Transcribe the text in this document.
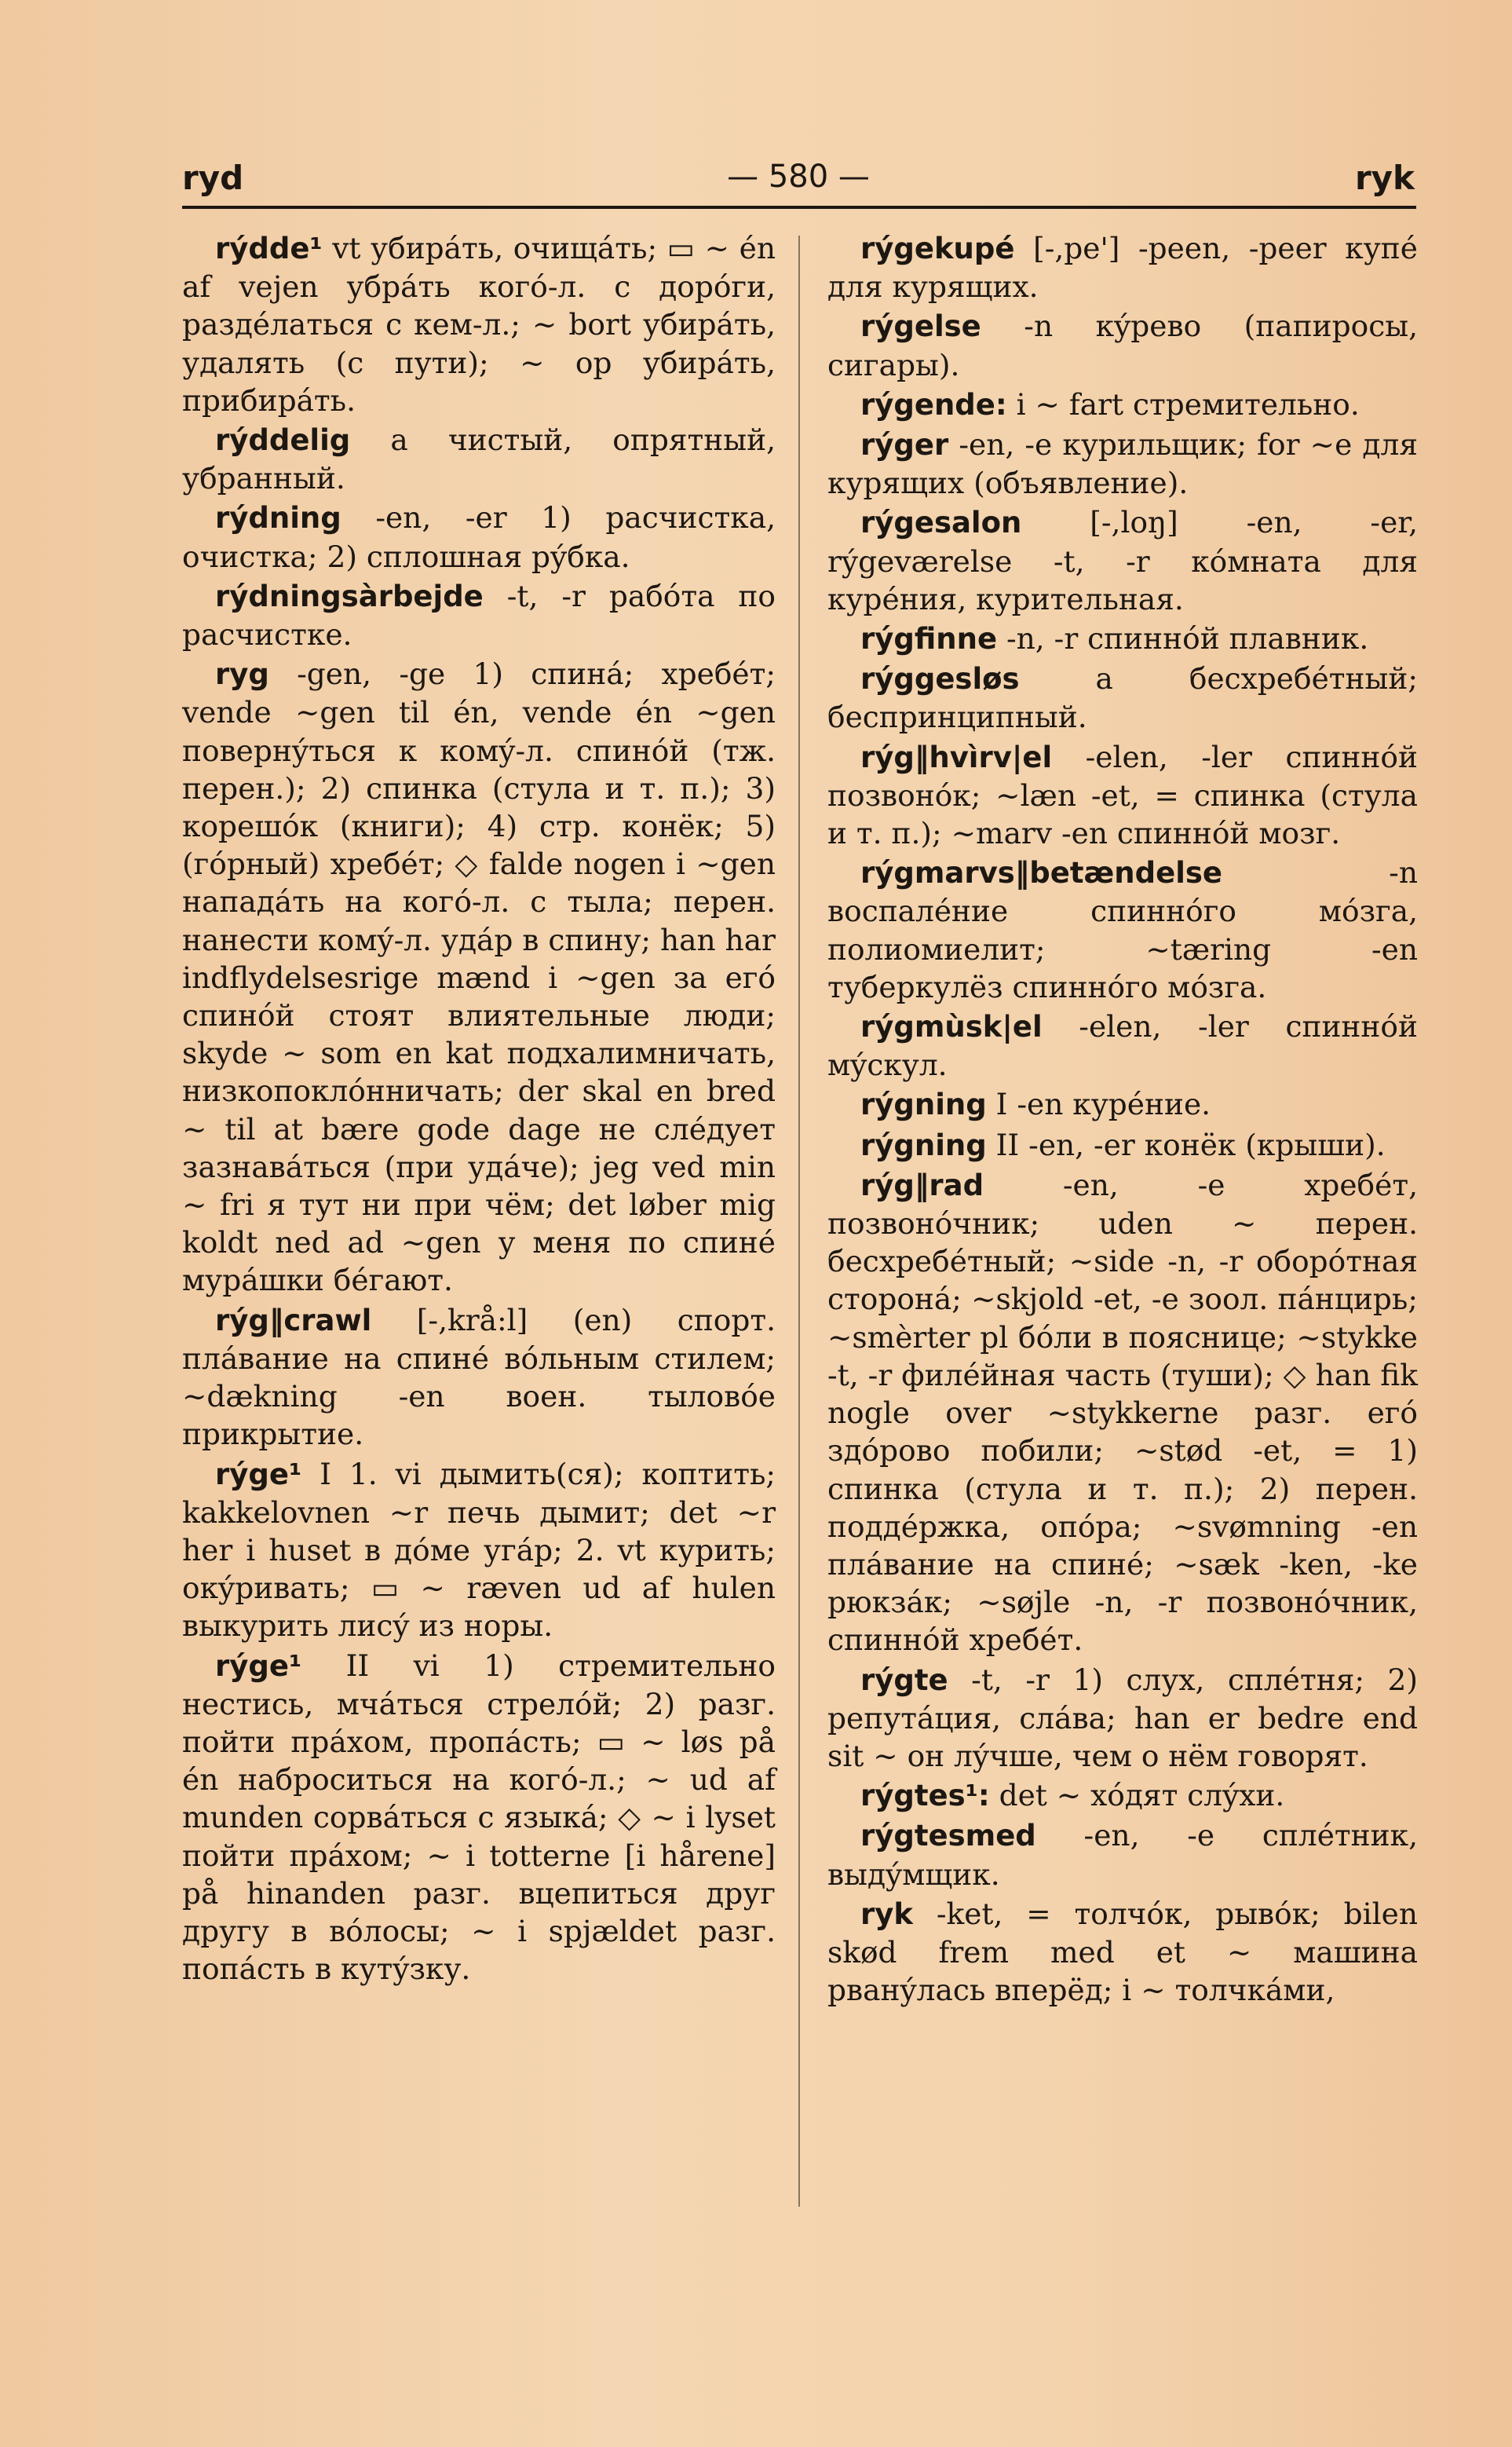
ryd	— 580 —	ryk

rýdde¹ vt убирáть, очищáть; ▭ ~ én af vejen убрáть когó-л. с дорóги, раздéлаться с кем-л.; ~ bort убирáть, удалять (с пути); ~ op убирáть, прибирáть.

rýddelig а чистый, опрятный, убранный.

rýdning -en, -er 1) расчистка, очистка; 2) сплошная рýбка.

rýdningsàrbejde -t, -r рабóта по расчистке.

ryg -gen, -ge 1) спинá; хребéт; vende ~gen til én, vende én ~gen повернýться к комý-л. спинóй (тж. перен.); 2) спинка (стула и т. п.); 3) корешóк (книги); 4) стр. конёк; 5) (гóрный) хребéт; ◇ falde nogen i ~gen нападáть на когó-л. с тыла; перен. нанести комý-л. удáр в спину; han har indflydelsesrige mænd i ~gen за егó спинóй стоят влиятельные люди; skyde ~ som en kat подхалимничать, низкопоклóнничать; der skal en bred ~ til at bære gode dage не слéдует зазнавáться (при удáче); jeg ved min ~ fri я тут ни при чём; det løber mig koldt ned ad ~gen у меня по спинé мурáшки бéгают.

rýg‖crawl [-,krå:l] (en) спорт. плáвание на спинé вóльным стилем; ~dækning -en воен. тыловóе прикрытие.

rýge¹ I 1. vi дымить(ся); коптить; kakkelovnen ~r печь дымит; det ~r her i huset в дóме угáр; 2. vt курить; окýривать; ▭ ~ ræven ud af hulen выкурить лисý из норы.

rýge¹ II vi 1) стремительно нестись, мчáться стрелóй; 2) разг. пойти прáхом, пропáсть; ▭ ~ løs på én наброситься на когó-л.; ~ ud af munden сорвáться с языкá; ◇ ~ i lyset пойти прáхом; ~ i totterne [i hårene] på hinanden разг. вцепиться друг другу в вóлосы; ~ i spjældet разг. попáсть в кутýзку.

rýgekupé [-,pe'] -peen, -peer купé для курящих.

rýgelse -n кýрево (папиросы, сигары).

rýgende: i ~ fart стремительно.

rýger -en, -e курильщик; for ~e для курящих (объявление).

rýgesalon [-,loŋ] -en, -er, rýgeværelse -t, -r кóмната для курéния, курительная.

rýgfinne -n, -r спиннóй плавник.

rýggesløs а бесхребéтный; беспринципный.

rýg‖hvìrv|el -elen, -ler спиннóй позвонóк; ~læn -et, = спинка (стула и т. п.); ~marv -en спиннóй мозг.

rýgmarvs‖betændelse -n воспалéние спиннóго мóзга, полиомиелит; ~tæring -en туберкулёз спиннóго мóзга.

rýgmùsk|el -elen, -ler спиннóй мýскул.

rýgning I -en курéние.

rýgning II -en, -er конёк (крыши).

rýg‖rad -en, -e хребéт, позвонóчник; uden ~ перен. бесхребéтный; ~side -n, -r оборóтная сторонá; ~skjold -et, -e зоол. пáнцирь; ~smèrter pl бóли в поясницe; ~stykke -t, -r филéйная часть (туши); ◇ han fik nogle over ~stykkerne разг. егó здóрово побили; ~stød -et, = 1) спинка (стула и т. п.); 2) перен. поддéржка, опóра; ~svømning -en плáвание на спинé; ~sæk -ken, -ke рюкзáк; ~søjle -n, -r позвонóчник, спиннóй хребéт.

rýgte -t, -r 1) слух, сплéтня; 2) репутáция, слáва; han er bedre end sit ~ он лýчше, чем о нём говорят.

rýgtes¹: det ~ хóдят слýхи.

rýgtesmed -en, -e сплéтник, выдýмщик.

ryk -ket, = толчóк, рывóк; bilen skød frem med et ~ машина рванýлась вперёд; i ~ толчкáми,
